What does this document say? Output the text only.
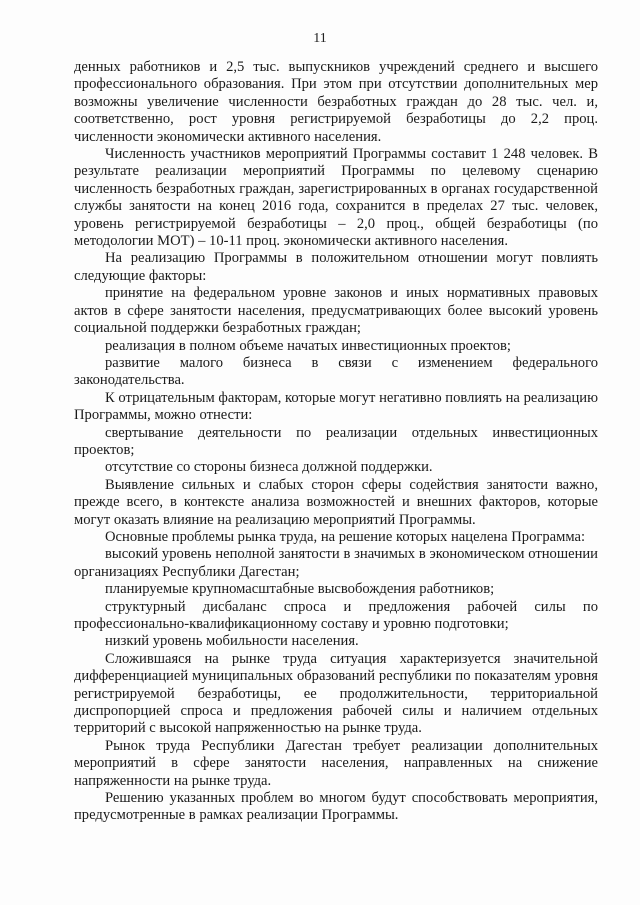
11

денных работников и 2,5 тыс. выпускников учреждений среднего и высшего профессионального образования. При этом при отсутствии дополнительных мер возможны увеличение численности безработных граждан до 28 тыс. чел. и, соответственно, рост уровня регистрируемой безработицы до 2,2 проц. численности экономически активного населения.

Численность участников мероприятий Программы составит 1 248 человек. В результате реализации мероприятий Программы по целевому сценарию численность безработных граждан, зарегистрированных в органах государственной службы занятости на конец 2016 года, сохранится в пределах 27 тыс. человек, уровень регистрируемой безработицы – 2,0 проц., общей безработицы (по методологии МОТ) – 10-11 проц. экономически активного населения.

На реализацию Программы в положительном отношении могут повлиять следующие факторы:

принятие на федеральном уровне законов и иных нормативных правовых актов в сфере занятости населения, предусматривающих более высокий уровень социальной поддержки безработных граждан;

реализация в полном объеме начатых инвестиционных проектов;

развитие малого бизнеса в связи с изменением федерального законодательства.

К отрицательным факторам, которые могут негативно повлиять на реализацию Программы, можно отнести:

свертывание деятельности по реализации отдельных инвестиционных проектов;

отсутствие со стороны бизнеса должной поддержки.

Выявление сильных и слабых сторон сферы содействия занятости важно, прежде всего, в контексте анализа возможностей и внешних факторов, которые могут оказать влияние на реализацию мероприятий Программы.

Основные проблемы рынка труда, на решение которых нацелена Программа:

высокий уровень неполной занятости в значимых в экономическом отношении организациях Республики Дагестан;

планируемые крупномасштабные высвобождения работников;

структурный дисбаланс спроса и предложения рабочей силы по профессионально-квалификационному составу и уровню подготовки;

низкий уровень мобильности населения.

Сложившаяся на рынке труда ситуация характеризуется значительной дифференциацией муниципальных образований республики по показателям уровня регистрируемой безработицы, ее продолжительности, территориальной диспропорцией спроса и предложения рабочей силы и наличием отдельных территорий с высокой напряженностью на рынке труда.

Рынок труда Республики Дагестан требует реализации дополнительных мероприятий в сфере занятости населения, направленных на снижение напряженности на рынке труда.

Решению указанных проблем во многом будут способствовать мероприятия, предусмотренные в рамках реализации Программы.
